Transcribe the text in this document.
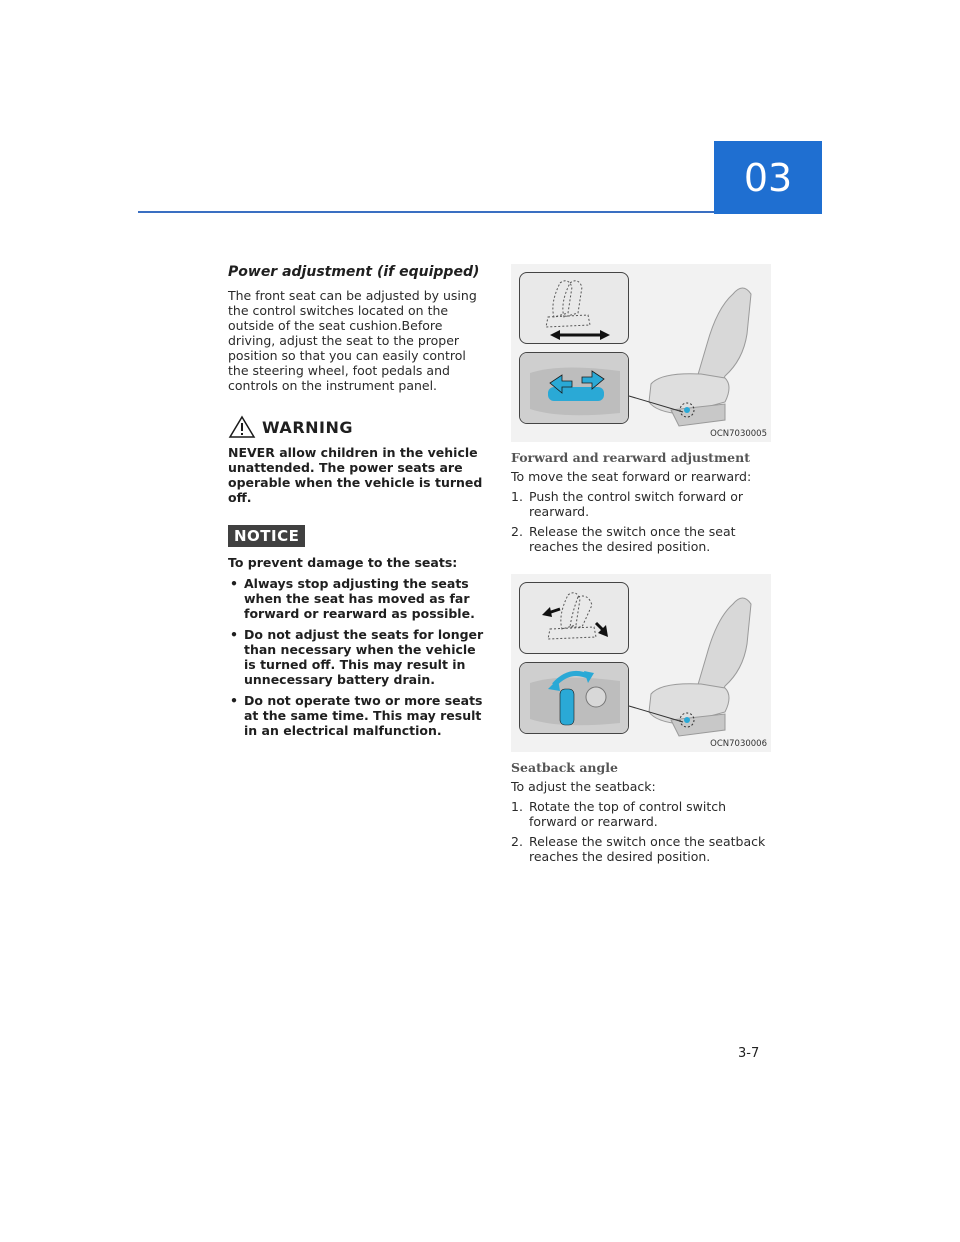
03
Power adjustment (if equipped)

The front seat can be adjusted by using the control switches located on the outside of the seat cushion.Before driving, adjust the seat to the proper position so that you can easily control the steering wheel, foot pedals and controls on the instrument panel.

WARNING

NEVER allow children in the vehicle unattended. The power seats are operable when the vehicle is turned off.

NOTICE

To prevent damage to the seats:

• Always stop adjusting the seats when the seat has moved as far forward or rearward as possible.
• Do not adjust the seats for longer than necessary when the vehicle is turned off. This may result in unnecessary battery drain.
• Do not operate two or more seats at the same time. This may result in an electrical malfunction.
OCN7030005
Forward and rearward adjustment

To move the seat forward or rearward:

1. Push the control switch forward or rearward.
2. Release the switch once the seat reaches the desired position.
OCN7030006
Seatback angle

To adjust the seatback:

1. Rotate the top of control switch forward or rearward.
2. Release the switch once the seatback reaches the desired position.
3-7
